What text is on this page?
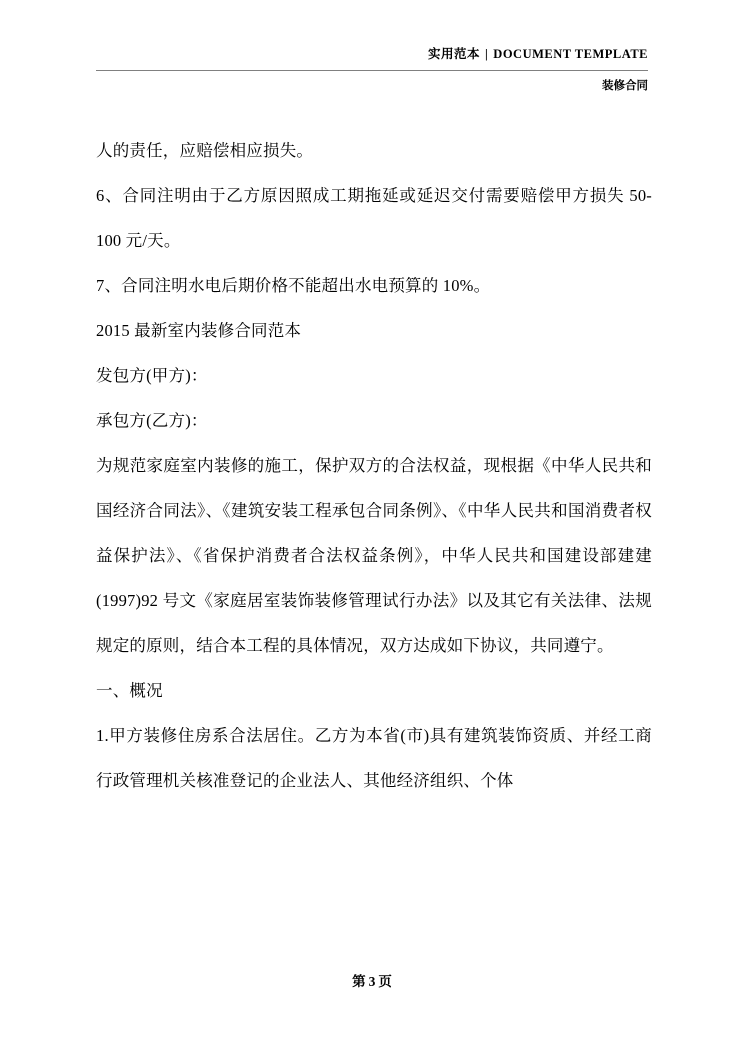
实用范本 | DOCUMENT TEMPLATE
装修合同

人的责任，应赔偿相应损失。

6、合同注明由于乙方原因照成工期拖延或延迟交付需要赔偿甲方损失 50-100 元/天。

7、合同注明水电后期价格不能超出水电预算的 10%。

2015 最新室内装修合同范本

发包方(甲方)：

承包方(乙方)：

为规范家庭室内装修的施工，保护双方的合法权益，现根据《中华人民共和国经济合同法》、《建筑安装工程承包合同条例》、《中华人民共和国消费者权益保护法》、《省保护消费者合法权益条例》，中华人民共和国建设部建建(1997)92 号文《家庭居室装饰装修管理试行办法》以及其它有关法律、法规规定的原则，结合本工程的具体情况，双方达成如下协议，共同遵宁。

一、概况

1.甲方装修住房系合法居住。乙方为本省(市)具有建筑装饰资质、并经工商行政管理机关核准登记的企业法人、其他经济组织、个体

第 3 页
